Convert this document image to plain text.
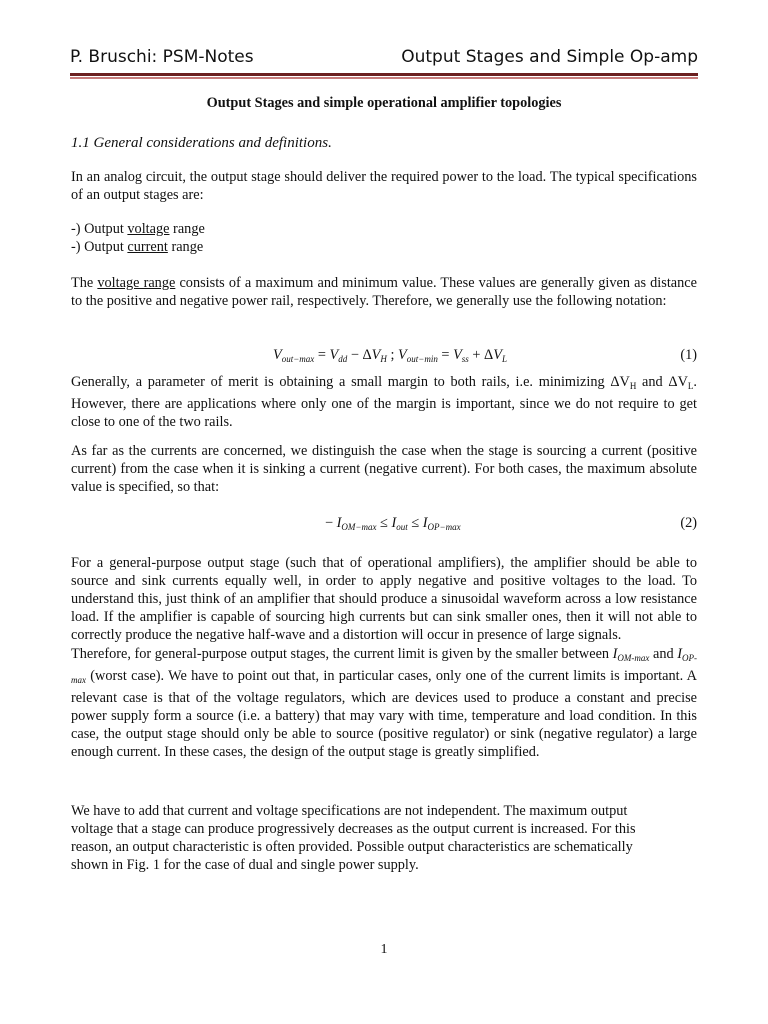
P. Bruschi: PSM-Notes	Output Stages and Simple Op-amp

Output Stages and simple operational amplifier topologies

1.1 General considerations and definitions.

In an analog circuit, the output stage should deliver the required power to the load. The typical specifications of an output stages are:

-) Output voltage range
-) Output current range

The voltage range consists of a maximum and minimum value. These values are generally given as distance to the positive and negative power rail, respectively. Therefore, we generally use the following notation:

$V_{out-max} = V_{dd} - \Delta V_H$ ; $V_{out-min} = V_{ss} + \Delta V_L$	(1)

Generally, a parameter of merit is obtaining a small margin to both rails, i.e. minimizing $\Delta V_H$ and $\Delta V_L$. However, there are applications where only one of the margin is important, since we do not require to get close to one of the two rails.

As far as the currents are concerned, we distinguish the case when the stage is sourcing a current (positive current) from the case when it is sinking a current (negative current). For both cases, the maximum absolute value is specified, so that:

− $I_{OM-max} \le I_{out} \le I_{OP-max}$	(2)

For a general-purpose output stage (such that of operational amplifiers), the amplifier should be able to source and sink currents equally well, in order to apply negative and positive voltages to the load. To understand this, just think of an amplifier that should produce a sinusoidal waveform across a low resistance load. If the amplifier is capable of sourcing high currents but can sink smaller ones, then it will not able to correctly produce the negative half-wave and a distortion will occur in presence of large signals.

Therefore, for general-purpose output stages, the current limit is given by the smaller between $I_{OM-max}$ and $I_{OP-max}$ (worst case). We have to point out that, in particular cases, only one of the current limits is important. A relevant case is that of the voltage regulators, which are devices used to produce a constant and precise power supply form a source (i.e. a battery) that may vary with time, temperature and load condition. In this case, the output stage should only be able to source (positive regulator) or sink (negative regulator) a large enough current. In these cases, the design of the output stage is greatly simplified.

We have to add that current and voltage specifications are not independent. The maximum output voltage that a stage can produce progressively decreases as the output current is increased. For this reason, an output characteristic is often provided. Possible output characteristics are schematically shown in Fig. 1 for the case of dual and single power supply.

1
